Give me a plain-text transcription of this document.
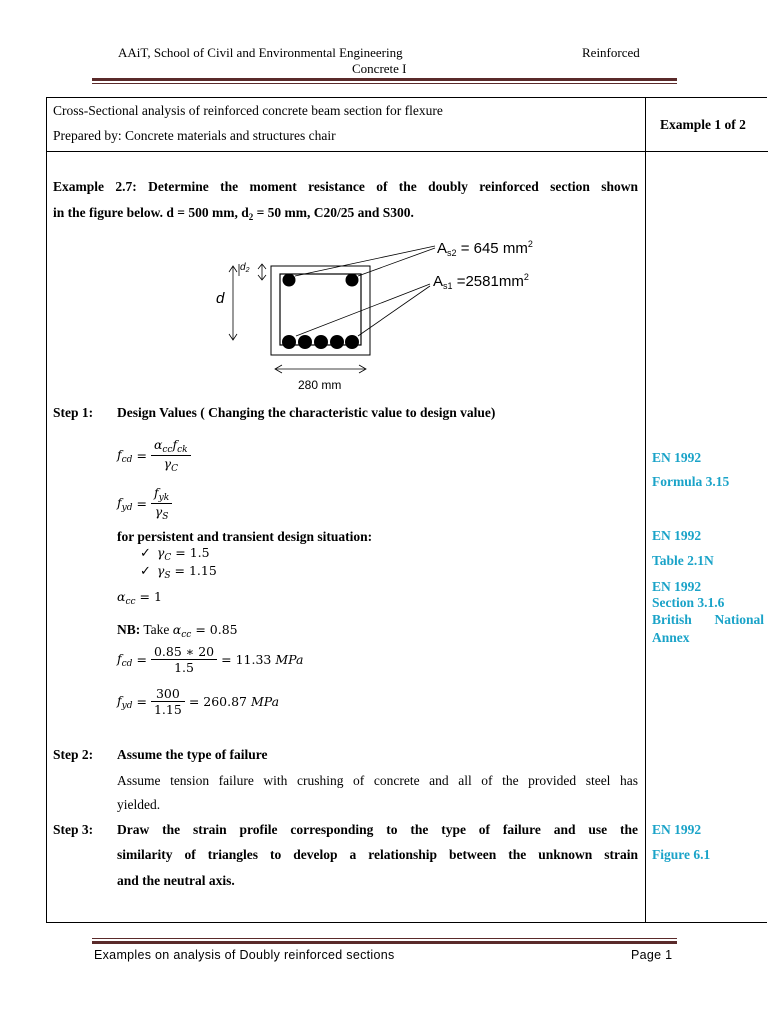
AAiT, School of Civil and Environmental Engineering	Reinforced
Concrete I
Cross-Sectional analysis of reinforced concrete beam section for flexure
Prepared by: Concrete materials and structures chair
Example 1 of 2
Example 2.7: Determine the moment resistance of the doubly reinforced section shown
in the figure below. d = 500 mm, $d_2 = 50$ mm, C20/25 and S300.
$A_{s2} = 645$ $mm^2$
$A_{s1} =2581mm^2$
d
$d_2$
280 mm
Step 1: Design Values ( Changing the characteristic value to design value)
$f_{cd} = \frac{\alpha_{cc}f_{ck}}{\gamma_C}$
$f_{yd} = \frac{f_{yk}}{\gamma_S}$
for persistent and transient design situation:
✓ $\gamma_C = 1.5$
✓ $\gamma_S = 1.15$
$\alpha_{cc} = 1$
NB: Take $\alpha_{cc} = 0.85$
$f_{cd} = \frac{0.85 ∗ 20}{1.5} = 11.33$ MPa
$f_{yd} = \frac{300}{1.15} = 260.87$ MPa
Step 2: Assume the type of failure
Assume tension failure with crushing of concrete and all of the provided steel has
yielded.
Step 3: Draw the strain profile corresponding to the type of failure and use the
similarity of triangles to develop a relationship between the unknown strain
and the neutral axis.
EN 1992
Formula 3.15
EN 1992
Table 2.1N
EN 1992
Section 3.1.6
British National
Annex
EN 1992
Figure 6.1
Examples on analysis of Doubly reinforced sections	Page 1
